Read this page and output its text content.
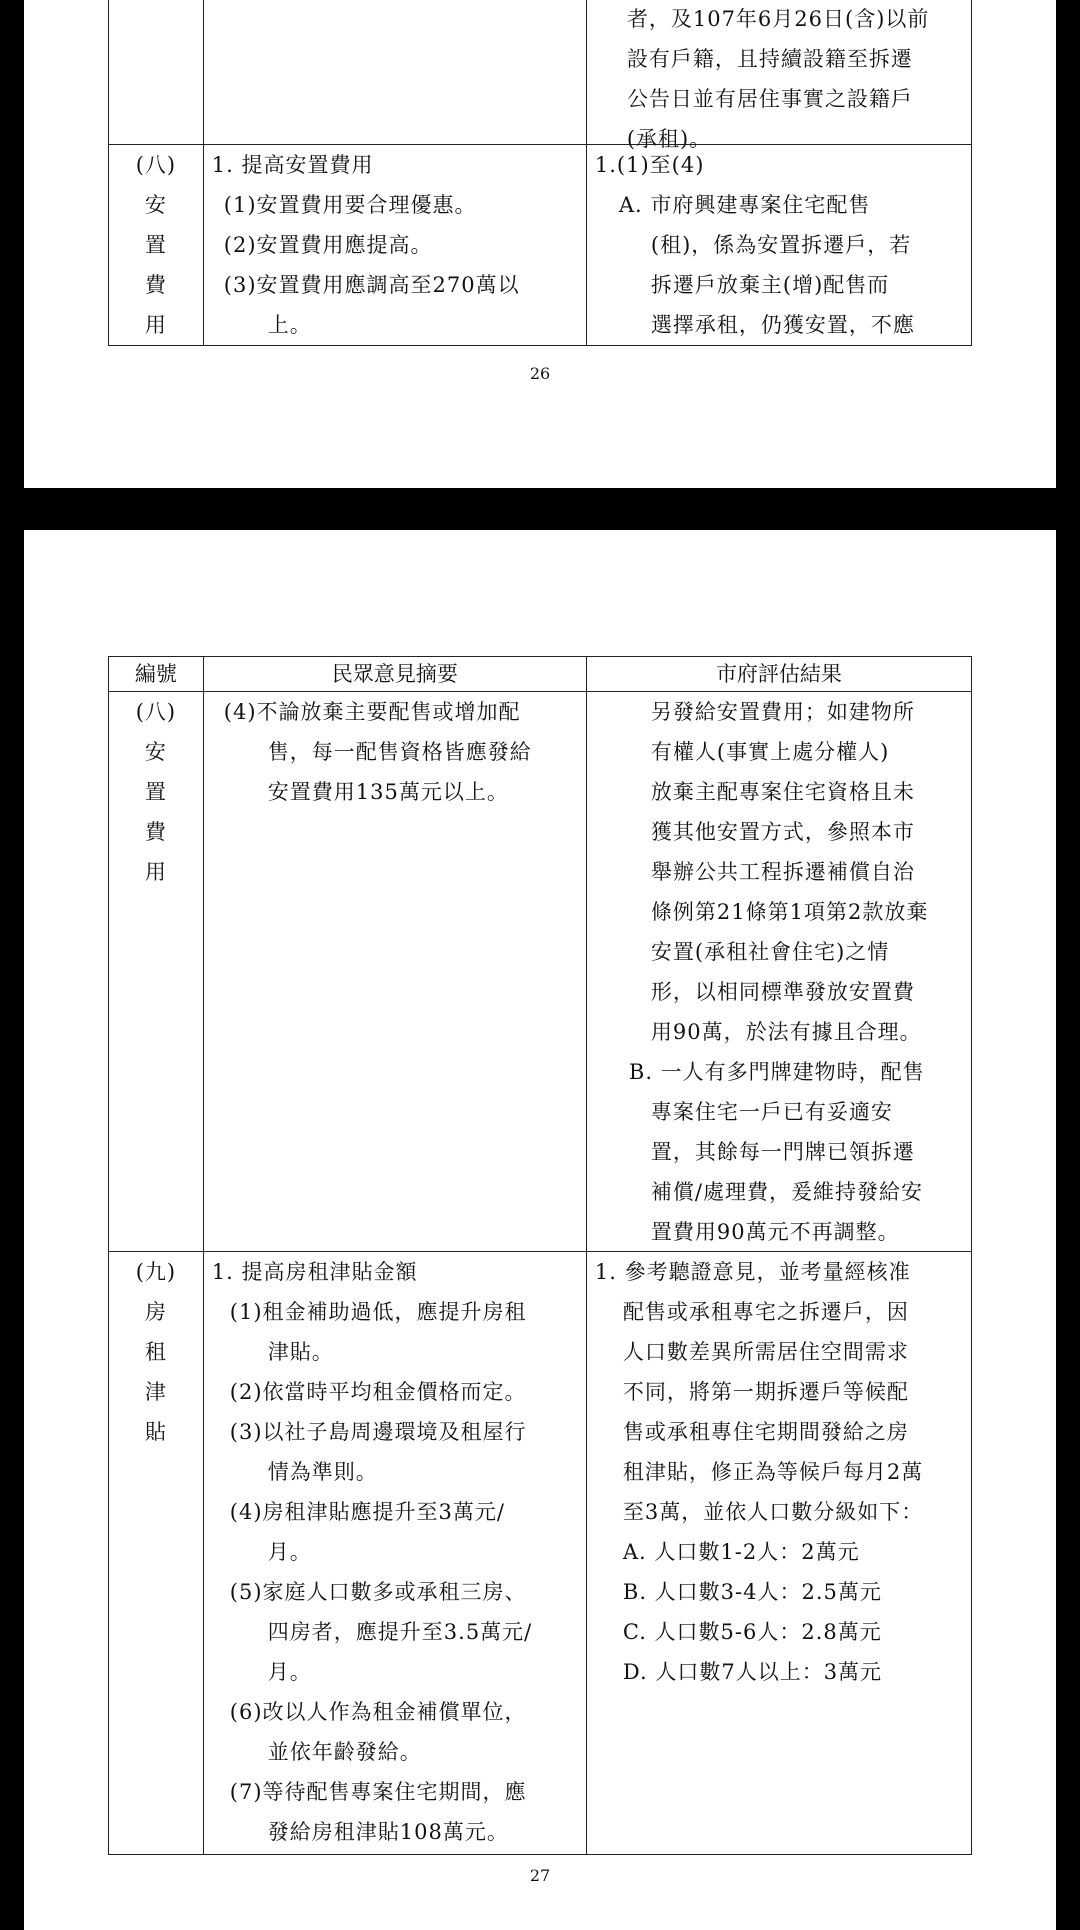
者，及107年6月26日(含)以前
設有戶籍，且持續設籍至拆遷
公告日並有居住事實之設籍戶
(承租)。
(八)
安
置
費
用
1. 提高安置費用
(1)安置費用要合理優惠。
(2)安置費用應提高。
(3)安置費用應調高至270萬以
上。
1.(1)至(4)
A. 市府興建專案住宅配售
(租)，係為安置拆遷戶，若
拆遷戶放棄主(增)配售而
選擇承租，仍獲安置，不應
26
編號	民眾意見摘要	市府評估結果
(八)
安
置
費
用
(4)不論放棄主要配售或增加配
售，每一配售資格皆應發給
安置費用135萬元以上。
另發給安置費用；如建物所
有權人(事實上處分權人)
放棄主配專案住宅資格且未
獲其他安置方式，參照本市
舉辦公共工程拆遷補償自治
條例第21條第1項第2款放棄
安置(承租社會住宅)之情
形，以相同標準發放安置費
用90萬，於法有據且合理。
B. 一人有多門牌建物時，配售
專案住宅一戶已有妥適安
置，其餘每一門牌已領拆遷
補償/處理費，爰維持發給安
置費用90萬元不再調整。
(九)
房
租
津
貼
1. 提高房租津貼金額
(1)租金補助過低，應提升房租
津貼。
(2)依當時平均租金價格而定。
(3)以社子島周邊環境及租屋行
情為準則。
(4)房租津貼應提升至3萬元/
月。
(5)家庭人口數多或承租三房、
四房者，應提升至3.5萬元/
月。
(6)改以人作為租金補償單位，
並依年齡發給。
(7)等待配售專案住宅期間，應
發給房租津貼108萬元。
1. 參考聽證意見，並考量經核准
配售或承租專宅之拆遷戶，因
人口數差異所需居住空間需求
不同，將第一期拆遷戶等候配
售或承租專住宅期間發給之房
租津貼，修正為等候戶每月2萬
至3萬，並依人口數分級如下：
A. 人口數1-2人：2萬元
B. 人口數3-4人：2.5萬元
C. 人口數5-6人：2.8萬元
D. 人口數7人以上：3萬元
27
